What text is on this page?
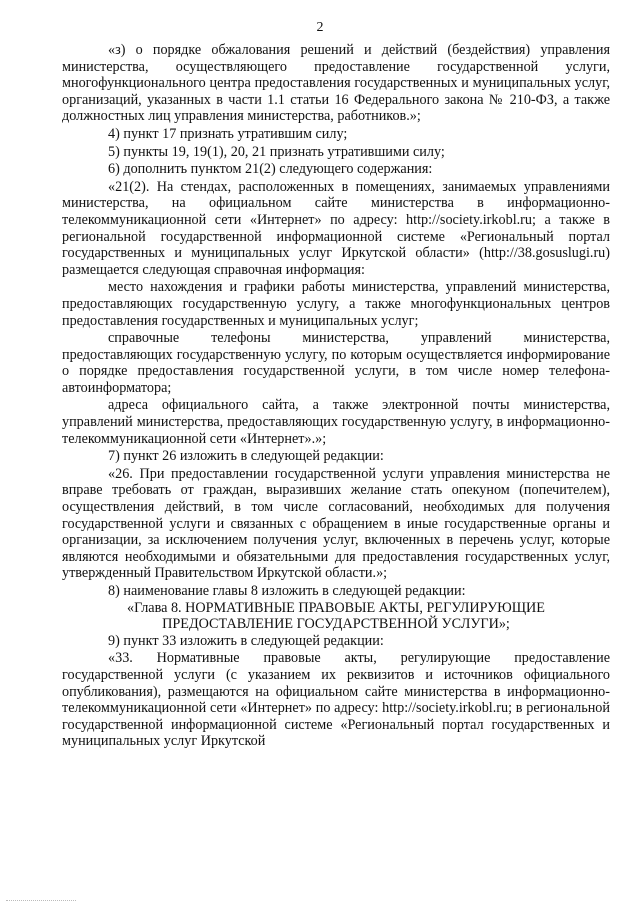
2

«з) о порядке обжалования решений и действий (бездействия) управления министерства, осуществляющего предоставление государственной услуги, многофункционального центра предоставления государственных и муниципальных услуг, организаций, указанных в части 1.1 статьи 16 Федерального закона № 210-ФЗ, а также должностных лиц управления министерства, работников.»;

4) пункт 17 признать утратившим силу;

5) пункты 19, 19(1), 20, 21 признать утратившими силу;

6) дополнить пунктом 21(2) следующего содержания:

«21(2). На стендах, расположенных в помещениях, занимаемых управлениями министерства, на официальном сайте министерства в информационно-телекоммуникационной сети «Интернет» по адресу: http://society.irkobl.ru; а также в региональной государственной информационной системе «Региональный портал государственных и муниципальных услуг Иркутской области» (http://38.gosuslugi.ru) размещается следующая справочная информация:

место нахождения и графики работы министерства, управлений министерства, предоставляющих государственную услугу, а также многофункциональных центров предоставления государственных и муниципальных услуг;

справочные телефоны министерства, управлений министерства, предоставляющих государственную услугу, по которым осуществляется информирование о порядке предоставления государственной услуги, в том числе номер телефона-автоинформатора;

адреса официального сайта, а также электронной почты министерства, управлений министерства, предоставляющих государственную услугу, в информационно-телекоммуникационной сети «Интернет».»;

7) пункт 26 изложить в следующей редакции:

«26. При предоставлении государственной услуги управления министерства не вправе требовать от граждан, выразивших желание стать опекуном (попечителем), осуществления действий, в том числе согласований, необходимых для получения государственной услуги и связанных с обращением в иные государственные органы и организации, за исключением получения услуг, включенных в перечень услуг, которые являются необходимыми и обязательными для предоставления государственных услуг, утвержденный Правительством Иркутской области.»;

8) наименование главы 8 изложить в следующей редакции:

«Глава 8. НОРМАТИВНЫЕ ПРАВОВЫЕ АКТЫ, РЕГУЛИРУЮЩИЕ ПРЕДОСТАВЛЕНИЕ ГОСУДАРСТВЕННОЙ УСЛУГИ»;

9) пункт 33 изложить в следующей редакции:

«33. Нормативные правовые акты, регулирующие предоставление государственной услуги (с указанием их реквизитов и источников официального опубликования), размещаются на официальном сайте министерства в информационно-телекоммуникационной сети «Интернет» по адресу: http://society.irkobl.ru; в региональной государственной информационной системе «Региональный портал государственных и муниципальных услуг Иркутской
